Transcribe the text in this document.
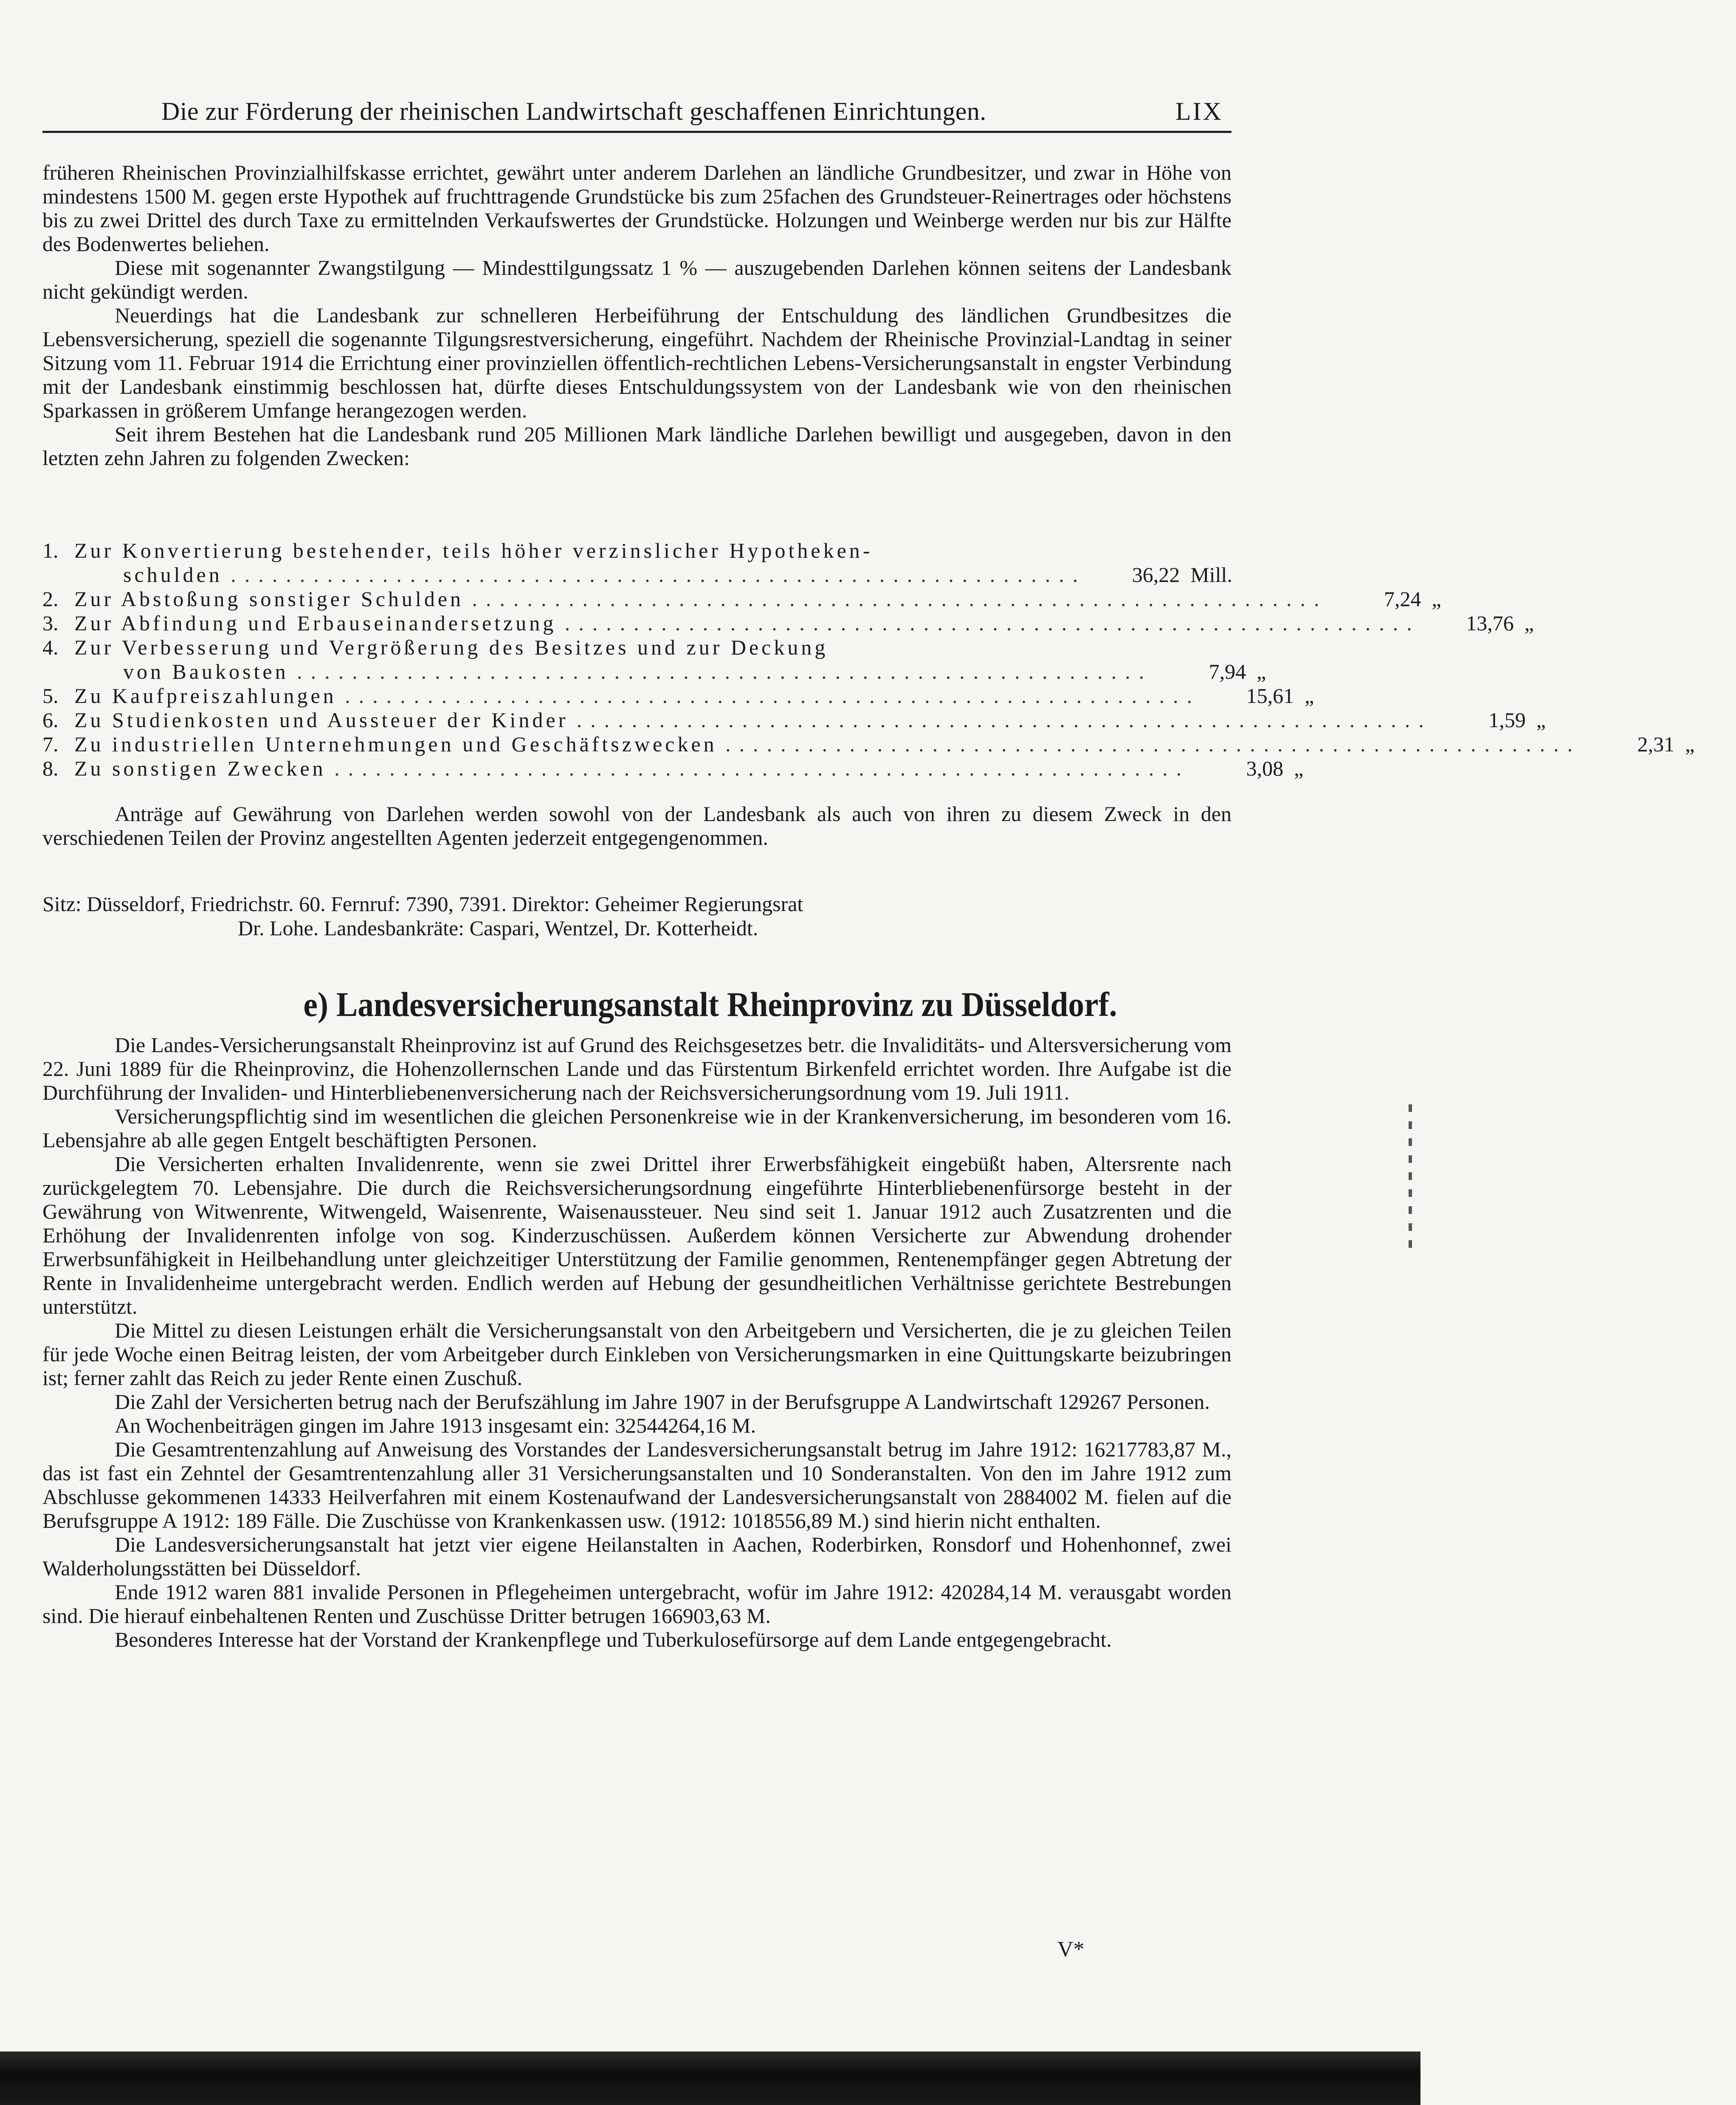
Die zur Förderung der rheinischen Landwirtschaft geschaffenen Einrichtungen.	LIX

früheren Rheinischen Provinzialhilfskasse errichtet, gewährt unter anderem Darlehen an ländliche Grundbesitzer, und zwar in Höhe von mindestens 1500 M. gegen erste Hypothek auf fruchttragende Grundstücke bis zum 25fachen des Grundsteuer-Reinertrages oder höchstens bis zu zwei Drittel des durch Taxe zu ermittelnden Verkaufswertes der Grundstücke. Holzungen und Weinberge werden nur bis zur Hälfte des Bodenwertes beliehen.

Diese mit sogenannter Zwangstilgung — Mindesttilgungssatz 1 % — auszugebenden Darlehen können seitens der Landesbank nicht gekündigt werden.

Neuerdings hat die Landesbank zur schnelleren Herbeiführung der Entschuldung des ländlichen Grundbesitzes die Lebensversicherung, speziell die sogenannte Tilgungsrestversicherung, eingeführt. Nachdem der Rheinische Provinzial-Landtag in seiner Sitzung vom 11. Februar 1914 die Errichtung einer provinziellen öffentlich-rechtlichen Lebens-Versicherungsanstalt in engster Verbindung mit der Landesbank einstimmig beschlossen hat, dürfte dieses Entschuldungssystem von der Landesbank wie von den rheinischen Sparkassen in größerem Umfange herangezogen werden.

Seit ihrem Bestehen hat die Landesbank rund 205 Millionen Mark ländliche Darlehen bewilligt und ausgegeben, davon in den letzten zehn Jahren zu folgenden Zwecken:

1. Zur Konvertierung bestehender, teils höher verzinslicher Hypotheken-
schulden ..............................................................	36,22 Mill.
2. Zur Abstoßung sonstiger Schulden ..............................................................	7,24 „
3. Zur Abfindung und Erbauseinandersetzung ..............................................................	13,76 „
4. Zur Verbesserung und Vergrößerung des Besitzes und zur Deckung
von Baukosten ..............................................................	7,94 „
5. Zu Kaufpreiszahlungen ..............................................................	15,61 „
6. Zu Studienkosten und Aussteuer der Kinder ..............................................................	1,59 „
7. Zu industriellen Unternehmungen und Geschäftszwecken ..............................................................	2,31 „
8. Zu sonstigen Zwecken ..............................................................	3,08 „

Anträge auf Gewährung von Darlehen werden sowohl von der Landesbank als auch von ihren zu diesem Zweck in den verschiedenen Teilen der Provinz angestellten Agenten jederzeit entgegengenommen.

Sitz: Düsseldorf, Friedrichstr. 60. Fernruf: 7390, 7391. Direktor: Geheimer Regierungsrat
Dr. Lohe. Landesbankräte: Caspari, Wentzel, Dr. Kotterheidt.
e) Landesversicherungsanstalt Rheinprovinz zu Düsseldorf.

Die Landes-Versicherungsanstalt Rheinprovinz ist auf Grund des Reichsgesetzes betr. die Invaliditäts- und Altersversicherung vom 22. Juni 1889 für die Rheinprovinz, die Hohenzollernschen Lande und das Fürstentum Birkenfeld errichtet worden. Ihre Aufgabe ist die Durchführung der Invaliden- und Hinterbliebenenversicherung nach der Reichsversicherungsordnung vom 19. Juli 1911.

Versicherungspflichtig sind im wesentlichen die gleichen Personenkreise wie in der Krankenversicherung, im besonderen vom 16. Lebensjahre ab alle gegen Entgelt beschäftigten Personen.

Die Versicherten erhalten Invalidenrente, wenn sie zwei Drittel ihrer Erwerbsfähigkeit eingebüßt haben, Altersrente nach zurückgelegtem 70. Lebensjahre. Die durch die Reichsversicherungsordnung eingeführte Hinterbliebenenfürsorge besteht in der Gewährung von Witwenrente, Witwengeld, Waisenrente, Waisenaussteuer. Neu sind seit 1. Januar 1912 auch Zusatzrenten und die Erhöhung der Invalidenrenten infolge von sog. Kinderzuschüssen. Außerdem können Versicherte zur Abwendung drohender Erwerbsunfähigkeit in Heilbehandlung unter gleichzeitiger Unterstützung der Familie genommen, Rentenempfänger gegen Abtretung der Rente in Invalidenheime untergebracht werden. Endlich werden auf Hebung der gesundheitlichen Verhältnisse gerichtete Bestrebungen unterstützt.

Die Mittel zu diesen Leistungen erhält die Versicherungsanstalt von den Arbeitgebern und Versicherten, die je zu gleichen Teilen für jede Woche einen Beitrag leisten, der vom Arbeitgeber durch Einkleben von Versicherungsmarken in eine Quittungskarte beizubringen ist; ferner zahlt das Reich zu jeder Rente einen Zuschuß.

Die Zahl der Versicherten betrug nach der Berufszählung im Jahre 1907 in der Berufsgruppe A Landwirtschaft 129267 Personen.

An Wochenbeiträgen gingen im Jahre 1913 insgesamt ein: 32544264,16 M.

Die Gesamtrentenzahlung auf Anweisung des Vorstandes der Landesversicherungsanstalt betrug im Jahre 1912: 16217783,87 M., das ist fast ein Zehntel der Gesamtrentenzahlung aller 31 Versicherungsanstalten und 10 Sonderanstalten. Von den im Jahre 1912 zum Abschlusse gekommenen 14333 Heilverfahren mit einem Kostenaufwand der Landesversicherungsanstalt von 2884002 M. fielen auf die Berufsgruppe A 1912: 189 Fälle. Die Zuschüsse von Krankenkassen usw. (1912: 1018556,89 M.) sind hierin nicht enthalten.

Die Landesversicherungsanstalt hat jetzt vier eigene Heilanstalten in Aachen, Roderbirken, Ronsdorf und Hohenhonnef, zwei Walderholungsstätten bei Düsseldorf.

Ende 1912 waren 881 invalide Personen in Pflegeheimen untergebracht, wofür im Jahre 1912: 420284,14 M. verausgabt worden sind. Die hierauf einbehaltenen Renten und Zuschüsse Dritter betrugen 166903,63 M.

Besonderes Interesse hat der Vorstand der Krankenpflege und Tuberkulosefürsorge auf dem Lande entgegengebracht.

V*
